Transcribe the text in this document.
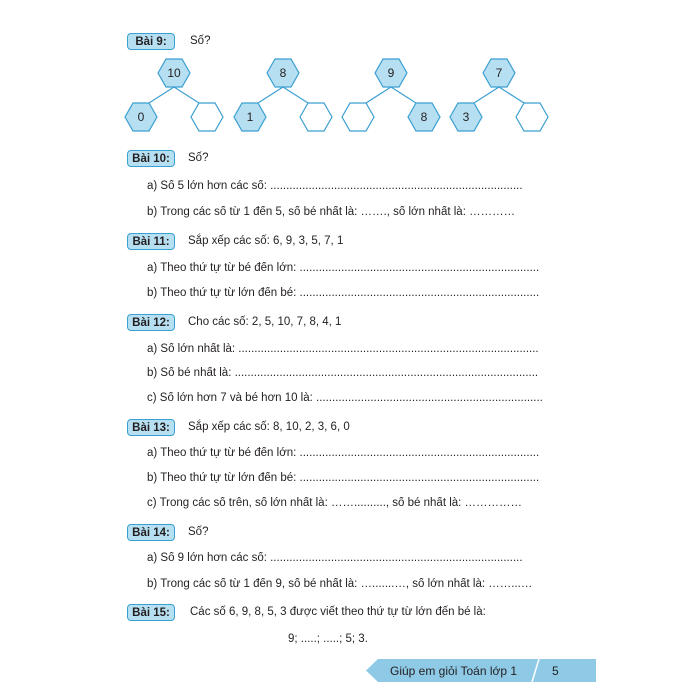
10
0
8
1
9
8
7
3
Bài 9:	Số?
Bài 10:	Số?
a) Số 5 lớn hơn các số: ...............................................................................
b) Trong các số từ 1 đến 5, số bé nhất là: ……., số lớn nhất là: …………
Bài 11:	Sắp xếp các số: 6, 9, 3, 5, 7, 1
a) Theo thứ tự từ bé đến lớn: ...........................................................................
b) Theo thứ tự từ lớn đến bé: ...........................................................................
Bài 12:	Cho các số: 2, 5, 10, 7, 8, 4, 1
a) Số lớn nhất là: ..............................................................................................
b) Số bé nhất là: ...............................................................................................
c) Số lớn hơn 7 và bé hơn 10 là: .......................................................................
Bài 13:	Sắp xếp các số: 8, 10, 2, 3, 6, 0
a) Theo thứ tự từ bé đến lớn: ...........................................................................
b) Theo thứ tự từ lớn đến bé: ...........................................................................
c) Trong các số trên, số lớn nhất là: …….........., số bé nhất là: ……………
Bài 14:	Số?
a) Số 9 lớn hơn các số: ...............................................................................
b) Trong các số từ 1 đến 9, số bé nhất là: ….......…, số lớn nhất là: ……...…
Bài 15:	Các số 6, 9, 8, 5, 3 được viết theo thứ tự từ lớn đến bé là:
9; .....; .....; 5; 3.
Giúp em giỏi Toán lớp 1	5
